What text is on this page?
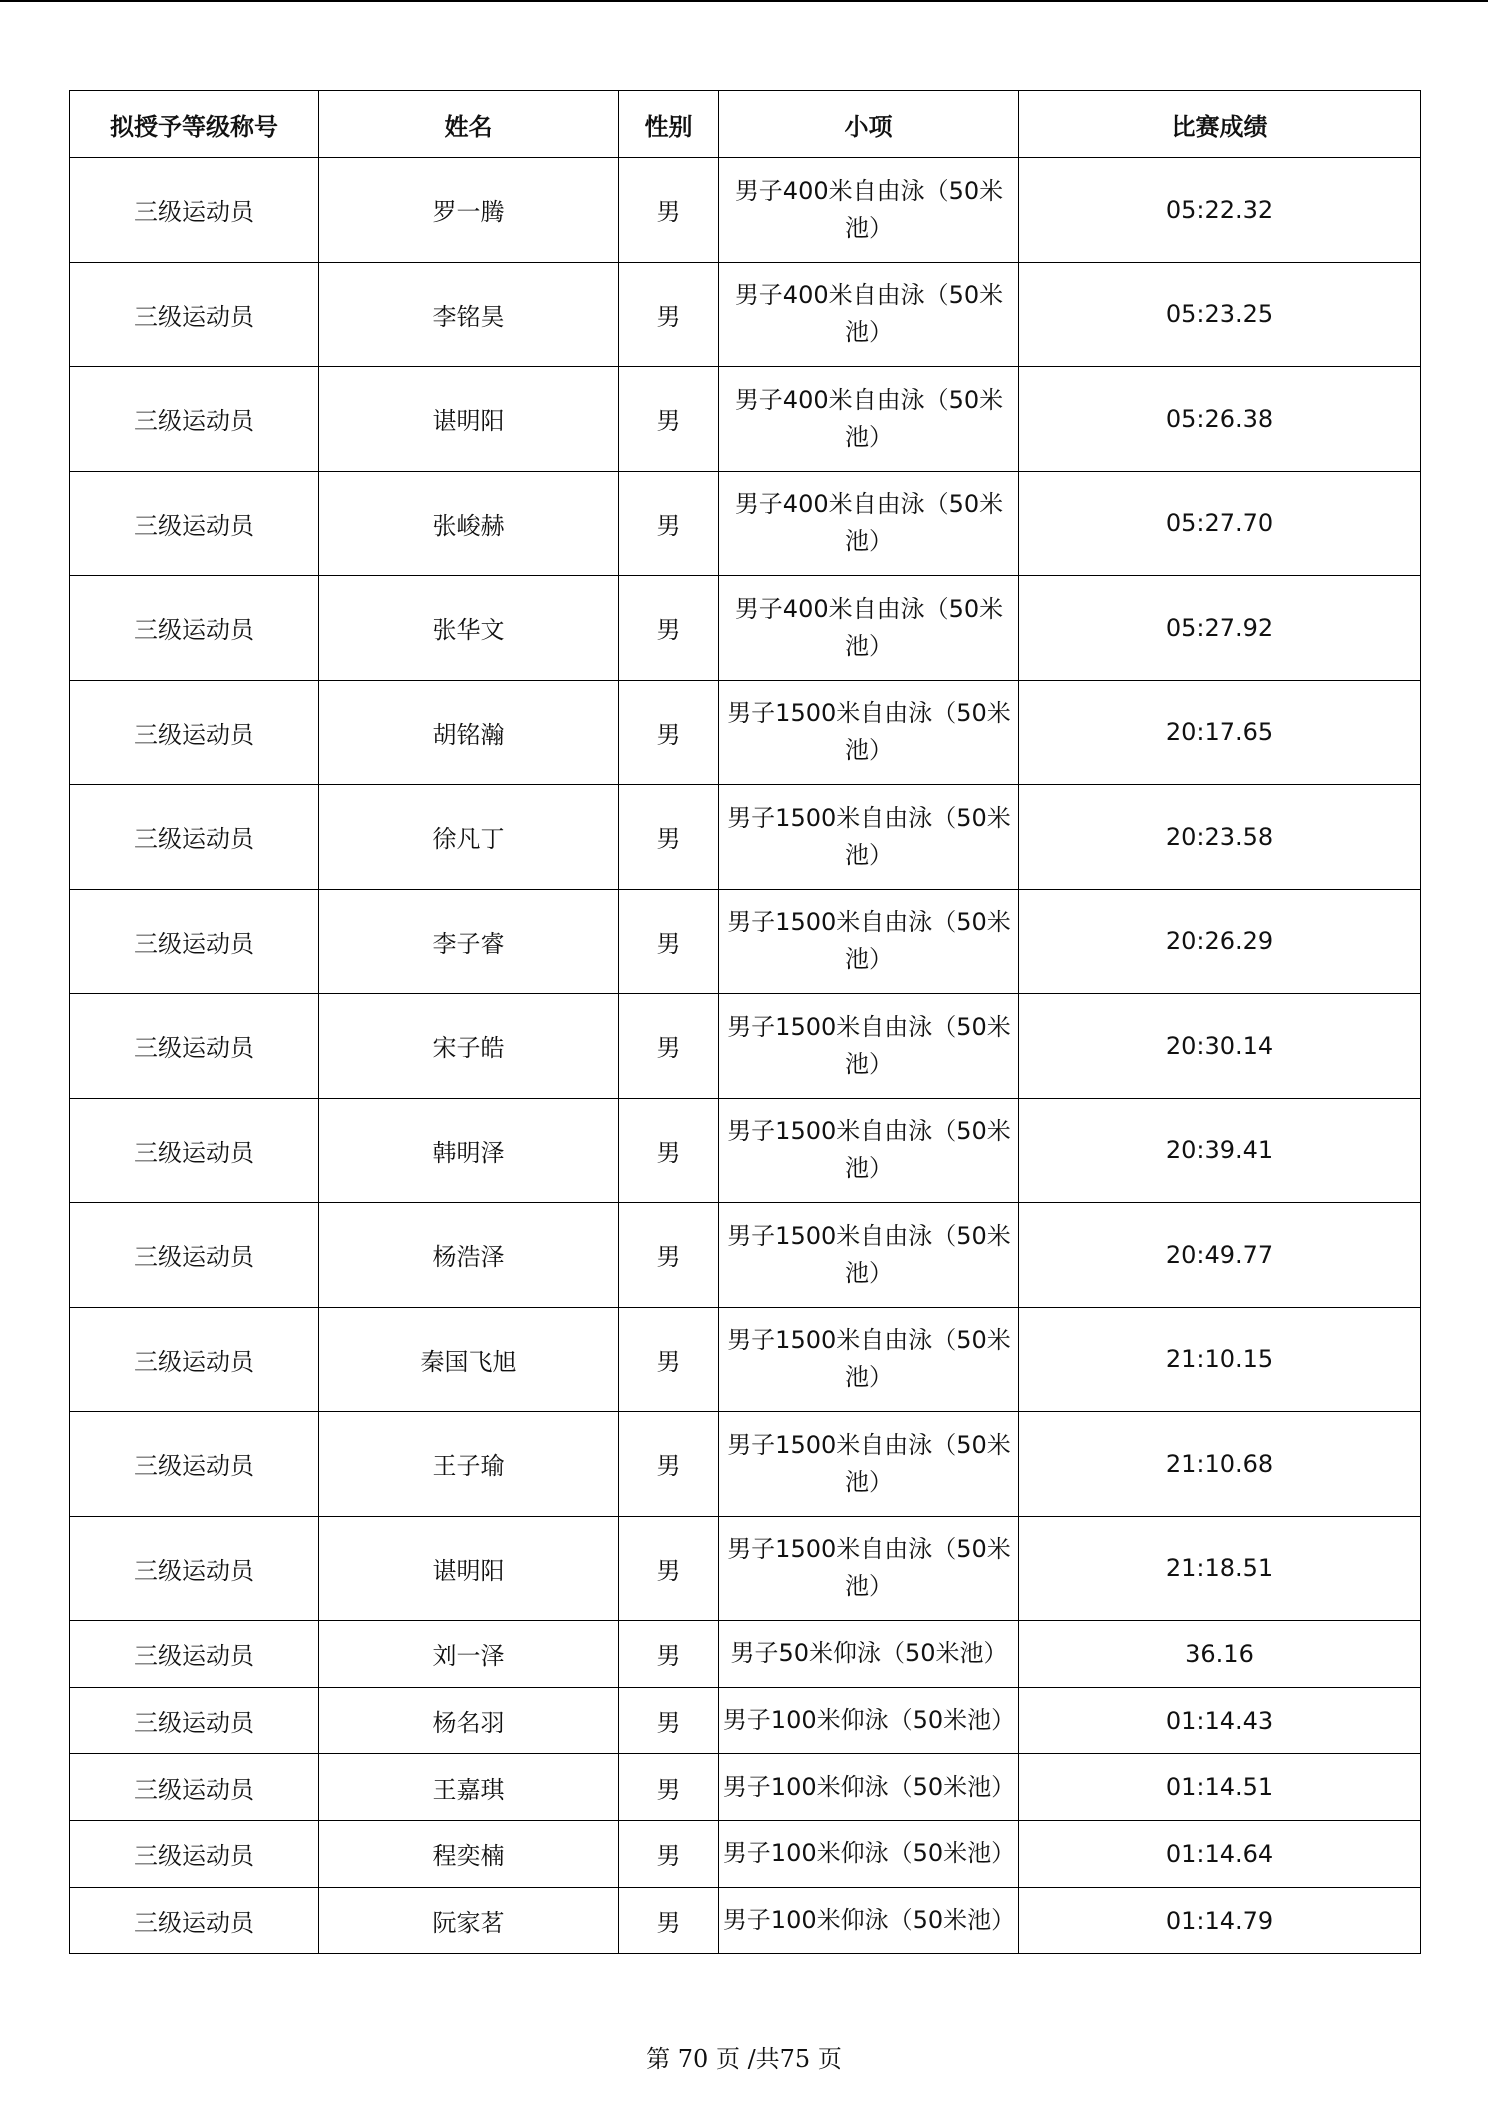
拟授予等级称号	姓名	性别	小项	比赛成绩
三级运动员	罗一腾	男	男子400米自由泳（50米池）	05:22.32
三级运动员	李铭昊	男	男子400米自由泳（50米池）	05:23.25
三级运动员	谌明阳	男	男子400米自由泳（50米池）	05:26.38
三级运动员	张峻赫	男	男子400米自由泳（50米池）	05:27.70
三级运动员	张华文	男	男子400米自由泳（50米池）	05:27.92
三级运动员	胡铭瀚	男	男子1500米自由泳（50米池）	20:17.65
三级运动员	徐凡丁	男	男子1500米自由泳（50米池）	20:23.58
三级运动员	李子睿	男	男子1500米自由泳（50米池）	20:26.29
三级运动员	宋子皓	男	男子1500米自由泳（50米池）	20:30.14
三级运动员	韩明泽	男	男子1500米自由泳（50米池）	20:39.41
三级运动员	杨浩泽	男	男子1500米自由泳（50米池）	20:49.77
三级运动员	秦国飞旭	男	男子1500米自由泳（50米池）	21:10.15
三级运动员	王子瑜	男	男子1500米自由泳（50米池）	21:10.68
三级运动员	谌明阳	男	男子1500米自由泳（50米池）	21:18.51
三级运动员	刘一泽	男	男子50米仰泳（50米池）	36.16
三级运动员	杨名羽	男	男子100米仰泳（50米池）	01:14.43
三级运动员	王嘉琪	男	男子100米仰泳（50米池）	01:14.51
三级运动员	程奕楠	男	男子100米仰泳（50米池）	01:14.64
三级运动员	阮家茗	男	男子100米仰泳（50米池）	01:14.79
第 70 页 /共75 页
